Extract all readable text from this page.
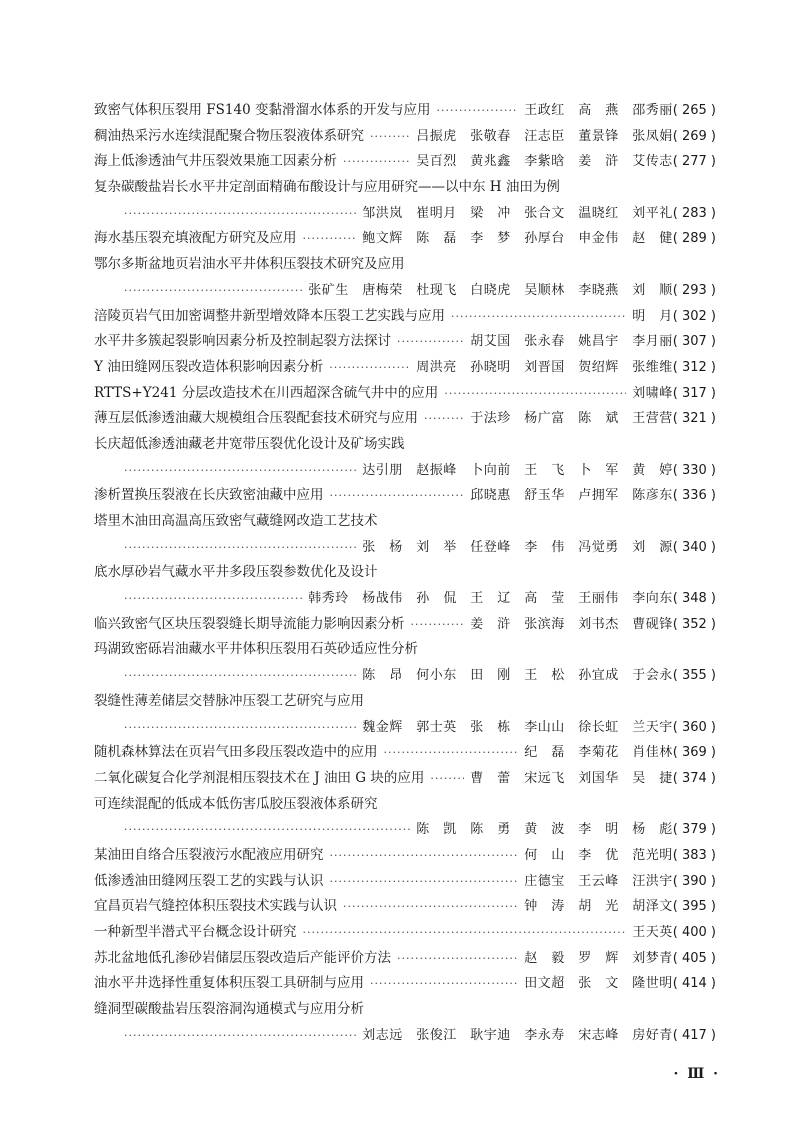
致密气体积压裂用 FS140 变黏滑溜水体系的开发与应用 ·····	王政红　高　燕　邵秀丽 ( 265 )
稠油热采污水连续混配聚合物压裂液体系研究 ·····	吕振虎　张敬春　汪志臣　董景锋　张凤娟 ( 269 )
海上低渗透油气井压裂效果施工因素分析 ·····	吴百烈　黄兆鑫　李紫晗　姜　浒　艾传志 ( 277 )
复杂碳酸盐岩长水平井定剖面精确布酸设计与应用研究——以中东 H 油田为例
·····
邹洪岚　崔明月　梁　冲　张合文　温晓红　刘平礼 ( 283 )
海水基压裂充填液配方研究及应用 ·····	鲍文辉　陈　磊　李　梦　孙厚台　申金伟　赵　健 ( 289 )
鄂尔多斯盆地页岩油水平井体积压裂技术研究及应用
·····
张矿生　唐梅荣　杜现飞　白晓虎　吴顺林　李晓燕　刘　顺 ( 293 )
涪陵页岩气田加密调整井新型增效降本压裂工艺实践与应用 ·····	明　月 ( 302 )
水平井多簇起裂影响因素分析及控制起裂方法探讨 ·····	胡艾国　张永春　姚昌宇　李月丽 ( 307 )
Y 油田缝网压裂改造体积影响因素分析 ·····	周洪亮　孙晓明　刘晋国　贺绍辉　张维维 ( 312 )
RTTS+Y241 分层改造技术在川西超深含硫气井中的应用 ·····	刘啸峰 ( 317 )
薄互层低渗透油藏大规模组合压裂配套技术研究与应用 ·····	于法珍　杨广富　陈　斌　王营营 ( 321 )
长庆超低渗透油藏老井宽带压裂优化设计及矿场实践
·····
达引朋　赵振峰　卜向前　王　飞　卜　军　黄　婷 ( 330 )
渗析置换压裂液在长庆致密油藏中应用 ·····	邱晓惠　舒玉华　卢拥军　陈彦东 ( 336 )
塔里木油田高温高压致密气藏缝网改造工艺技术
·····
张　杨　刘　举　任登峰　李　伟　冯觉勇　刘　源 ( 340 )
底水厚砂岩气藏水平井多段压裂参数优化及设计
·····
韩秀玲　杨战伟　孙　侃　王　辽　高　莹　王丽伟　李向东 ( 348 )
临兴致密气区块压裂裂缝长期导流能力影响因素分析 ·····	姜　浒　张滨海　刘书杰　曹砚锋 ( 352 )
玛湖致密砾岩油藏水平井体积压裂用石英砂适应性分析
·····
陈　昂　何小东　田　刚　王　松　孙宜成　于会永 ( 355 )
裂缝性薄差储层交替脉冲压裂工艺研究与应用
·····
魏金辉　郭士英　张　栋　李山山　徐长虹　兰天宇 ( 360 )
随机森林算法在页岩气田多段压裂改造中的应用 ·····	纪　磊　李菊花　肖佳林 ( 369 )
二氧化碳复合化学剂混相压裂技术在 J 油田 G 块的应用 ·····	曹　蕾　宋远飞　刘国华　吴　捷 ( 374 )
可连续混配的低成本低伤害瓜胶压裂液体系研究
·····
陈　凯　陈　勇　黄　波　李　明　杨　彪 ( 379 )
某油田自络合压裂液污水配液应用研究 ·····	何　山　李　优　范光明 ( 383 )
低渗透油田缝网压裂工艺的实践与认识 ·····	庄德宝　王云峰　汪洪宇 ( 390 )
宜昌页岩气缝控体积压裂技术实践与认识 ·····	钟　涛　胡　光　胡泽文 ( 395 )
一种新型半潜式平台概念设计研究 ·····	王天英 ( 400 )
苏北盆地低孔渗砂岩储层压裂改造后产能评价方法 ·····	赵　毅　罗　辉　刘梦青 ( 405 )
油水平井选择性重复体积压裂工具研制与应用 ·····	田文超　张　文　隆世明 ( 414 )
缝洞型碳酸盐岩压裂溶洞沟通模式与应用分析
·····
刘志远　张俊江　耿宇迪　李永寿　宋志峰　房好青 ( 417 )
· Ⅲ ·
